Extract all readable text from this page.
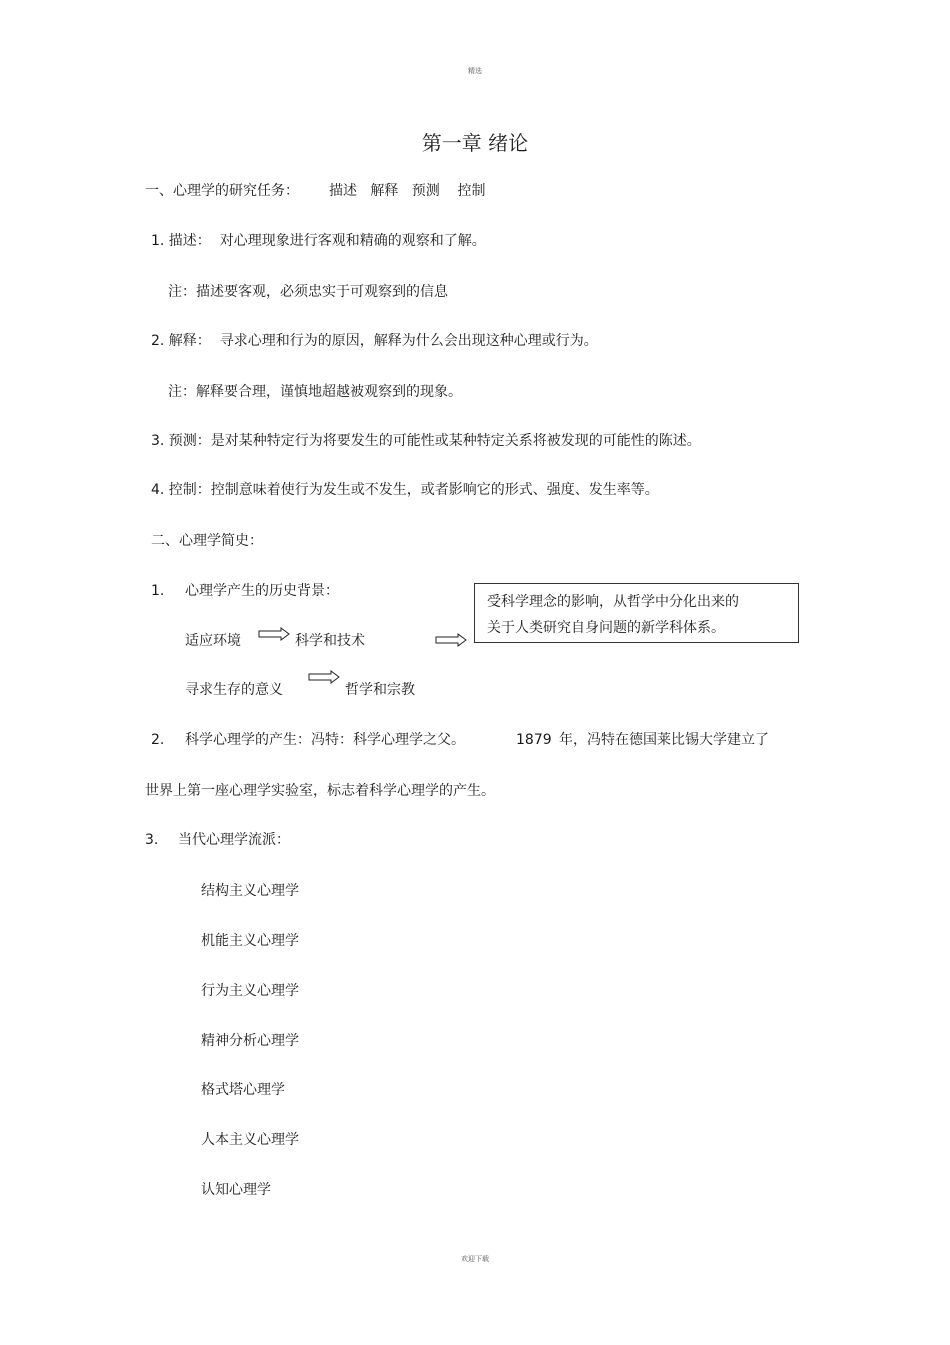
精选
第一章 绪论
一、心理学的研究任务： 描述   解释   预测    控制
1. 描述：  对心理现象进行客观和精确的观察和了解。
注：描述要客观，必须忠实于可观察到的信息
2. 解释：  寻求心理和行为的原因，解释为什么会出现这种心理或行为。
注：解释要合理，谨慎地超越被观察到的现象。
3. 预测：是对某种特定行为将要发生的可能性或某种特定关系将被发现的可能性的陈述。
4. 控制：控制意味着使行为发生或不发生，或者影响它的形式、强度、发生率等。
二、心理学简史：
1. 心理学产生的历史背景：
适应环境	科学和技术
受科学理念的影响，从哲学中分化出来的
关于人类研究自身问题的新学科体系。
寻求生存的意义	哲学和宗教
2. 科学心理学的产生：冯特：科学心理学之父。	1879 年，冯特在德国莱比锡大学建立了
世界上第一座心理学实验室，标志着科学心理学的产生。
3. 当代心理学流派：
结构主义心理学
机能主义心理学
行为主义心理学
精神分析心理学
格式塔心理学
人本主义心理学
认知心理学
欢迎下载
